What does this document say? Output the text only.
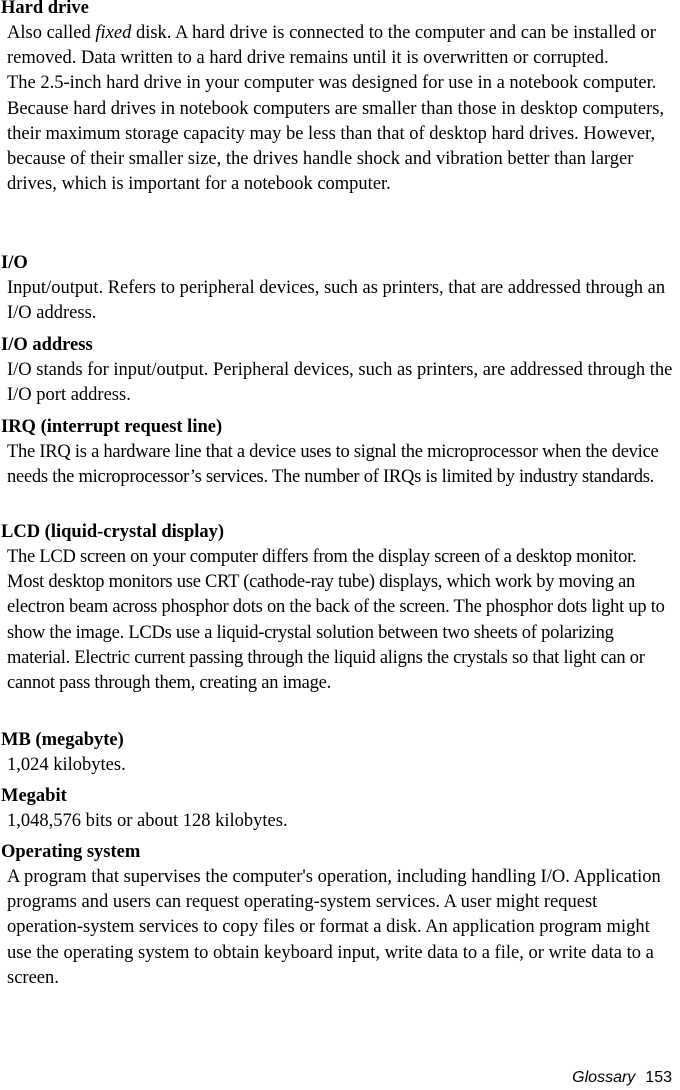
Hard drive

Also called fixed disk. A hard drive is connected to the computer and can be installed or removed. Data written to a hard drive remains until it is overwritten or corrupted.

The 2.5-inch hard drive in your computer was designed for use in a notebook computer. Because hard drives in notebook computers are smaller than those in desktop computers, their maximum storage capacity may be less than that of desktop hard drives. However, because of their smaller size, the drives handle shock and vibration better than larger drives, which is important for a notebook computer.

I/O

Input/output. Refers to peripheral devices, such as printers, that are addressed through an I/O address.

I/O address

I/O stands for input/output. Peripheral devices, such as printers, are addressed through the I/O port address.

IRQ (interrupt request line)

The IRQ is a hardware line that a device uses to signal the microprocessor when the device needs the microprocessor’s services. The number of IRQs is limited by industry standards.

LCD (liquid-crystal display)

The LCD screen on your computer differs from the display screen of a desktop monitor. Most desktop monitors use CRT (cathode-ray tube) displays, which work by moving an electron beam across phosphor dots on the back of the screen. The phosphor dots light up to show the image. LCDs use a liquid-crystal solution between two sheets of polarizing material. Electric current passing through the liquid aligns the crystals so that light can or cannot pass through them, creating an image.

MB (megabyte)

1,024 kilobytes.

Megabit

1,048,576 bits or about 128 kilobytes.

Operating system

A program that supervises the computer's operation, including handling I/O. Application programs and users can request operating-system services. A user might request operation-system services to copy files or format a disk. An application program might use the operating system to obtain keyboard input, write data to a file, or write data to a screen.

Glossary 153
